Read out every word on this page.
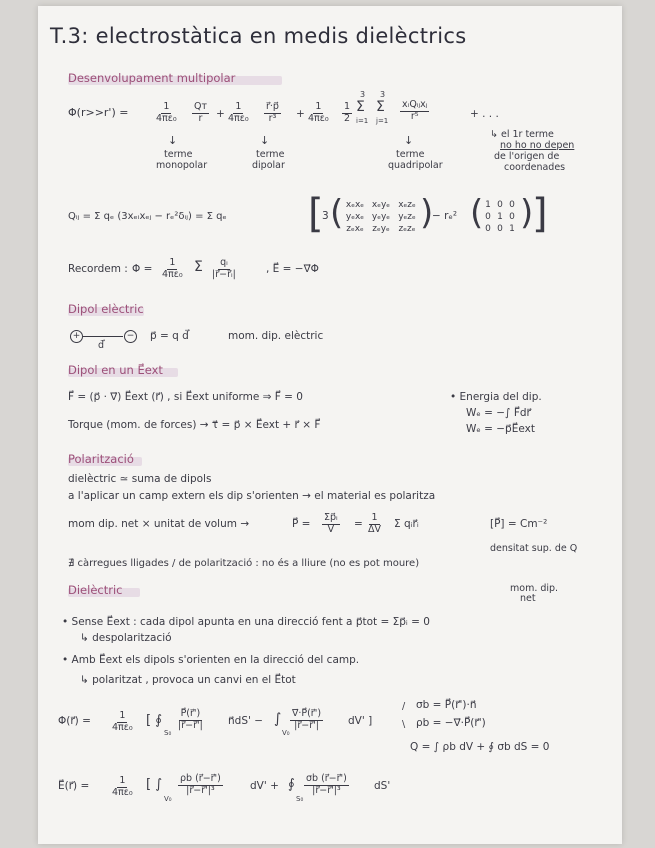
T.3: electrostàtica en medis dielèctrics
Desenvolupament multipolar
Φ(r>>r') =	$\frac{1}{\text{4πε₀}} \frac{\text{Qᴛ}}{r} + \frac{1}{\text{4πε₀}} \frac{r⃗\cdot p⃗}{\text{r³}} + \frac{1}{\text{4πε₀}} \frac{1}{2}$
3
Σ
i=1
3
Σ
j=1
xᵢQᵢⱼxⱼ
r⁵	+ . . .
↳ el 1r terme
no ho no depen
de l'origen de
coordenades
↓
terme
monopolar
↓
terme
dipolar
↓
terme
quadripolar
Qᵢⱼ = Σ qₑ (3xₑᵢxₑⱼ − rₑ²δᵢⱼ) = Σ qₑ [
3 ( xₑxₑ xₑyₑ xₑzₑ
yₑxₑ yₑyₑ yₑzₑ
zₑxₑ zₑyₑ zₑzₑ )
− rₑ² ( 1 0 0
0 1 0
0 0 1 )
]
Recordem : $\Phi = \frac{1}{\text{4πε₀}}$ Σ $\frac{\text{qᵢ}}{\text{|r⃗−r⃗ᵢ|}}$	, E⃗ = −∇⃗Φ
Dipol elèctric
+	−
d⃗
p⃗ = q d⃗	mom. dip. elèctric
Dipol en un E⃗ext
F⃗ = (p⃗ · ∇⃗) E⃗ext (r⃗) , si E⃗ext uniforme ⇒ F⃗ = 0
Torque (mom. de forces) → τ⃗ = p⃗ × E⃗ext + r⃗ × F⃗
• Energia del dip.
Wₑ = −∫ F⃗dr⃗
Wₑ = −p⃗E⃗ext
Polarització
dielèctric ≃ suma de dipols
a l'aplicar un camp extern els dip s'orienten → el material es polaritza
mom dip. net × unitat de volum →	P⃗ = $\frac{\text{Σp⃗ᵢ}}{V} = \frac{1}{\Delta V}$ Σ qᵢr⃗ᵢ	[P⃗] = Cm⁻²
densitat sup. de Q
∄ càrregues lligades / de polarització : no és a lliure (no es pot moure)
Dielèctric	mom. dip.
net
• Sense E⃗ext : cada dipol apunta en una direcció fent a p⃗tot = Σp⃗ᵢ = 0
↳ despolarització
• Amb E⃗ext els dipols s'orienten en la direcció del camp.
↳ polaritzat , provoca un canvi en el E⃗tot
Φ(r⃗) = $\frac{1}{\text{4πε₀}}$ [ ∮
S₀
$\frac{P⃗(r⃗')}{|r⃗-r⃗'|}$ n⃗dS' − ∫
V₀
$\frac{\nabla⃗\cdot P⃗(r⃗')}{|r⃗-r⃗'|} dV'$ ]
/ σb = P⃗(r⃗')·n⃗
\ ρb = −∇⃗·P⃗(r⃗')
Q = ∫ ρb dV + ∮ σb dS = 0
E⃗(r⃗) = $\frac{1}{\text{4πε₀}}$ [ ∫
V₀
$\frac{\rho b (r⃗-r⃗')}{\text{|r⃗−r⃗'|³}}$	dV' + ∮
S₀
$\frac{\sigma b (r⃗-r⃗')}{\text{|r⃗−r⃗'|³}} dS'$
